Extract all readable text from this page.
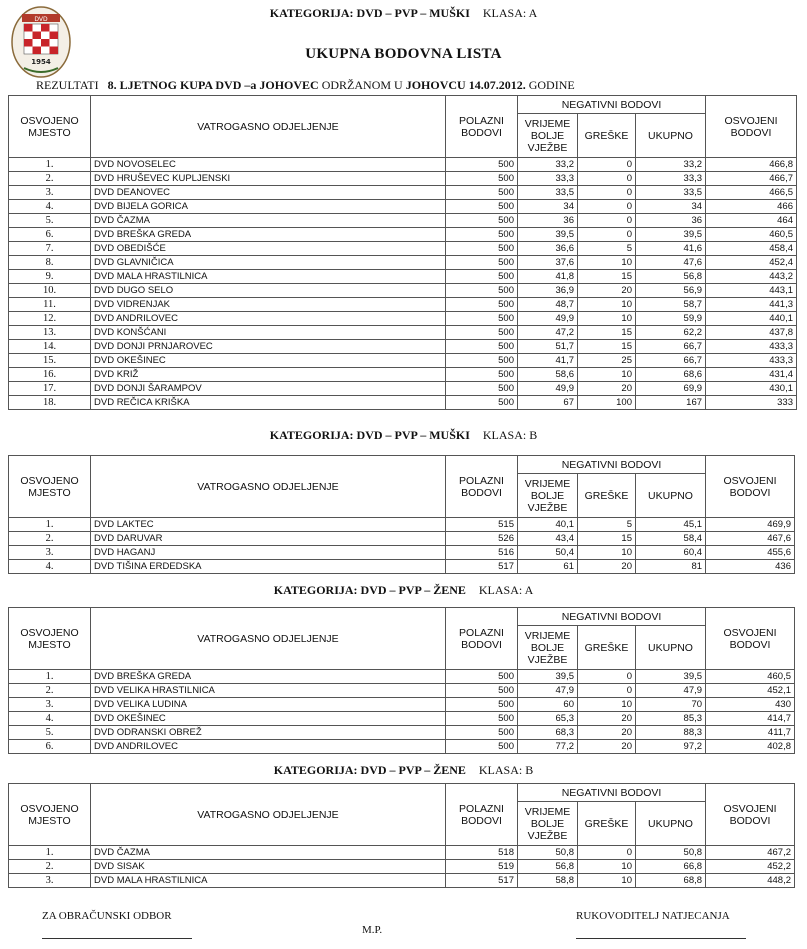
DVD
1954
KATEGORIJA: DVD – PVP – MUŠKI KLASA: A
UKUPNA BODOVNA LISTA
REZULTATI 8. LJETNOG KUPA DVD –a JOHOVEC ODRŽANOM U JOHOVCU 14.07.2012. GODINE
OSVOJENO MJESTO	VATROGASNO ODJELJENJE	POLAZNI BODOVI	NEGATIVNI BODOVI			OSVOJENI BODOVI
			VRIJEME BOLJE VJEŽBE	GREŠKE	UKUPNO	
1.	DVD NOVOSELEC	500	33,2	0	33,2	466,8
2.	DVD HRUŠEVEC KUPLJENSKI	500	33,3	0	33,3	466,7
3.	DVD DEANOVEC	500	33,5	0	33,5	466,5
4.	DVD BIJELA GORICA	500	34	0	34	466
5.	DVD ČAZMA	500	36	0	36	464
6.	DVD BREŠKA GREDA	500	39,5	0	39,5	460,5
7.	DVD OBEDIŠĆE	500	36,6	5	41,6	458,4
8.	DVD GLAVNIČICA	500	37,6	10	47,6	452,4
9.	DVD MALA HRASTILNICA	500	41,8	15	56,8	443,2
10.	DVD DUGO SELO	500	36,9	20	56,9	443,1
11.	DVD VIDRENJAK	500	48,7	10	58,7	441,3
12.	DVD ANDRILOVEC	500	49,9	10	59,9	440,1
13.	DVD KONŠĆANI	500	47,2	15	62,2	437,8
14.	DVD DONJI PRNJAROVEC	500	51,7	15	66,7	433,3
15.	DVD OKEŠINEC	500	41,7	25	66,7	433,3
16.	DVD KRIŽ	500	58,6	10	68,6	431,4
17.	DVD DONJI ŠARAMPOV	500	49,9	20	69,9	430,1
18.	DVD REČICA KRIŠKA	500	67	100	167	333
OSVOJENO MJESTO	VATROGASNO ODJELJENJE	POLAZNI BODOVI	NEGATIVNI BODOVI			OSVOJENI BODOVI
			VRIJEME BOLJE VJEŽBE	GREŠKE	UKUPNO	
1.	DVD LAKTEC	515	40,1	5	45,1	469,9
2.	DVD DARUVAR	526	43,4	15	58,4	467,6
3.	DVD HAGANJ	516	50,4	10	60,4	455,6
4.	DVD TIŠINA ERDEDSKA	517	61	20	81	436
OSVOJENO MJESTO	VATROGASNO ODJELJENJE	POLAZNI BODOVI	NEGATIVNI BODOVI			OSVOJENI BODOVI
			VRIJEME BOLJE VJEŽBE	GREŠKE	UKUPNO	
1.	DVD BREŠKA GREDA	500	39,5	0	39,5	460,5
2.	DVD VELIKA HRASTILNICA	500	47,9	0	47,9	452,1
3.	DVD VELIKA LUDINA	500	60	10	70	430
4.	DVD OKEŠINEC	500	65,3	20	85,3	414,7
5.	DVD ODRANSKI OBREŽ	500	68,3	20	88,3	411,7
6.	DVD ANDRILOVEC	500	77,2	20	97,2	402,8
OSVOJENO MJESTO	VATROGASNO ODJELJENJE	POLAZNI BODOVI	NEGATIVNI BODOVI			OSVOJENI BODOVI
			VRIJEME BOLJE VJEŽBE	GREŠKE	UKUPNO	
1.	DVD ČAZMA	518	50,8	0	50,8	467,2
2.	DVD SISAK	519	56,8	10	66,8	452,2
3.	DVD MALA HRASTILNICA	517	58,8	10	68,8	448,2
KATEGORIJA: DVD – PVP – MUŠKI KLASA: B
KATEGORIJA: DVD – PVP – ŽENE KLASA: A
KATEGORIJA: DVD – PVP – ŽENE KLASA: B
ZA OBRAČUNSKI ODBOR	RUKOVODITELJ NATJECANJA
M.P.
